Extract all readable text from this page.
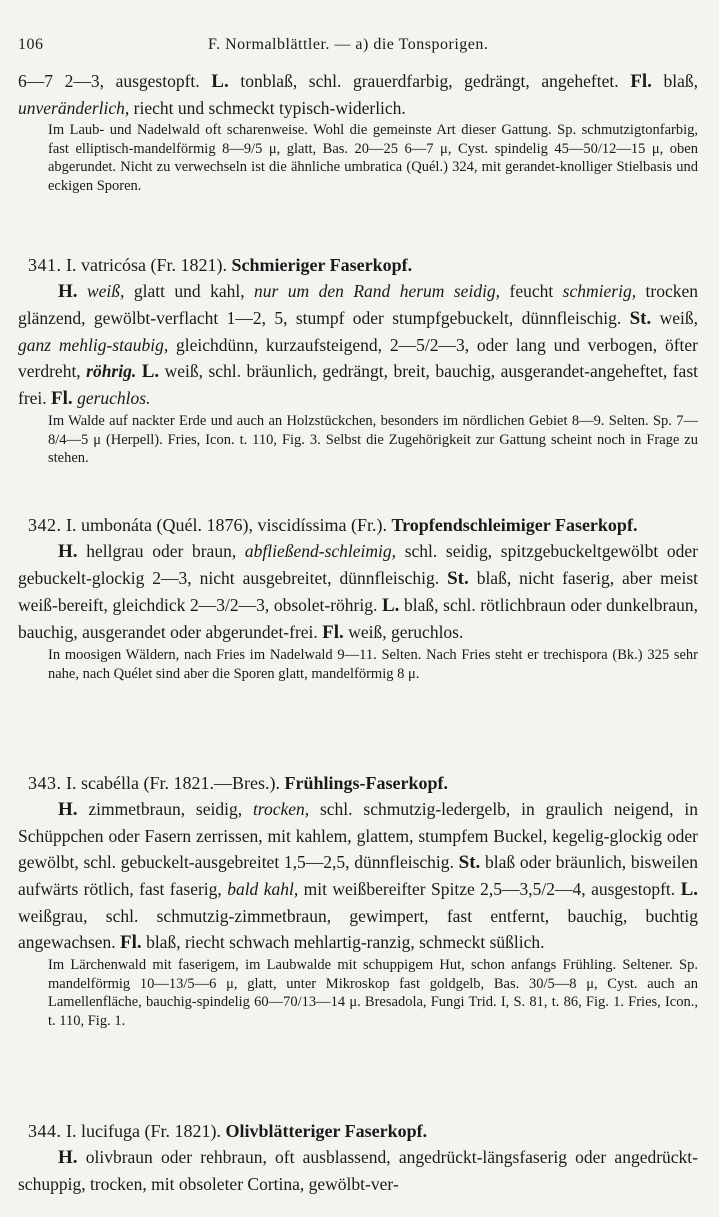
106	F. Normalblättler. — a) die Tonsporigen.

6—7 2—3, ausgestopft. L. tonblaß, schl. grauerdfarbig, gedrängt, angeheftet. Fl. blaß, unveränderlich, riecht und schmeckt typisch-widerlich.

Im Laub- und Nadelwald oft scharenweise. Wohl die gemeinste Art dieser Gattung. Sp. schmutzigtonfarbig, fast elliptisch-mandelförmig 8—9/5 μ, glatt, Bas. 20—25 6—7 μ, Cyst. spindelig 45—50/12—15 μ, oben abgerundet. Nicht zu verwechseln ist die ähnliche umbratica (Quél.) 324, mit gerandet-knolliger Stielbasis und eckigen Sporen.

341. I. vatricósa (Fr. 1821). Schmieriger Faserkopf.

H. weiß, glatt und kahl, nur um den Rand herum seidig, feucht schmierig, trocken glänzend, gewölbt-verflacht 1—2, 5, stumpf oder stumpfgebuckelt, dünnfleischig. St. weiß, ganz mehlig-staubig, gleichdünn, kurzaufsteigend, 2—5/2—3, oder lang und verbogen, öfter verdreht, röhrig. L. weiß, schl. bräunlich, gedrängt, breit, bauchig, ausgerandet-angeheftet, fast frei. Fl. geruchlos.

Im Walde auf nackter Erde und auch an Holzstückchen, besonders im nördlichen Gebiet 8—9. Selten. Sp. 7—8/4—5 μ (Herpell). Fries, Icon. t. 110, Fig. 3. Selbst die Zugehörigkeit zur Gattung scheint noch in Frage zu stehen.

342. I. umbonáta (Quél. 1876), viscidíssima (Fr.). Tropfendschleimiger Faserkopf.

H. hellgrau oder braun, abfließend-schleimig, schl. seidig, spitzgebuckeltgewölbt oder gebuckelt-glockig 2—3, nicht ausgebreitet, dünnfleischig. St. blaß, nicht faserig, aber meist weiß-bereift, gleichdick 2—3/2—3, obsolet-röhrig. L. blaß, schl. rötlichbraun oder dunkelbraun, bauchig, ausgerandet oder abgerundet-frei. Fl. weiß, geruchlos.

In moosigen Wäldern, nach Fries im Nadelwald 9—11. Selten. Nach Fries steht er trechispora (Bk.) 325 sehr nahe, nach Quélet sind aber die Sporen glatt, mandelförmig 8 μ.

343. I. scabélla (Fr. 1821.—Bres.). Frühlings-Faserkopf.

H. zimmetbraun, seidig, trocken, schl. schmutzig-ledergelb, in graulich neigend, in Schüppchen oder Fasern zerrissen, mit kahlem, glattem, stumpfem Buckel, kegelig-glockig oder gewölbt, schl. gebuckelt-ausgebreitet 1,5—2,5, dünnfleischig. St. blaß oder bräunlich, bisweilen aufwärts rötlich, fast faserig, bald kahl, mit weißbereifter Spitze 2,5—3,5/2—4, ausgestopft. L. weißgrau, schl. schmutzig-zimmetbraun, gewimpert, fast entfernt, bauchig, buchtig angewachsen. Fl. blaß, riecht schwach mehlartig-ranzig, schmeckt süßlich.

Im Lärchenwald mit faserigem, im Laubwalde mit schuppigem Hut, schon anfangs Frühling. Seltener. Sp. mandelförmig 10—13/5—6 μ, glatt, unter Mikroskop fast goldgelb, Bas. 30/5—8 μ, Cyst. auch an Lamellenfläche, bauchig-spindelig 60—70/13—14 μ. Bresadola, Fungi Trid. I, S. 81, t. 86, Fig. 1. Fries, Icon., t. 110, Fig. 1.

344. I. lucifuga (Fr. 1821). Olivblätteriger Faserkopf.

H. olivbraun oder rehbraun, oft ausblassend, angedrückt-längsfaserig oder angedrückt-schuppig, trocken, mit obsoleter Cortina, gewölbt-ver-
